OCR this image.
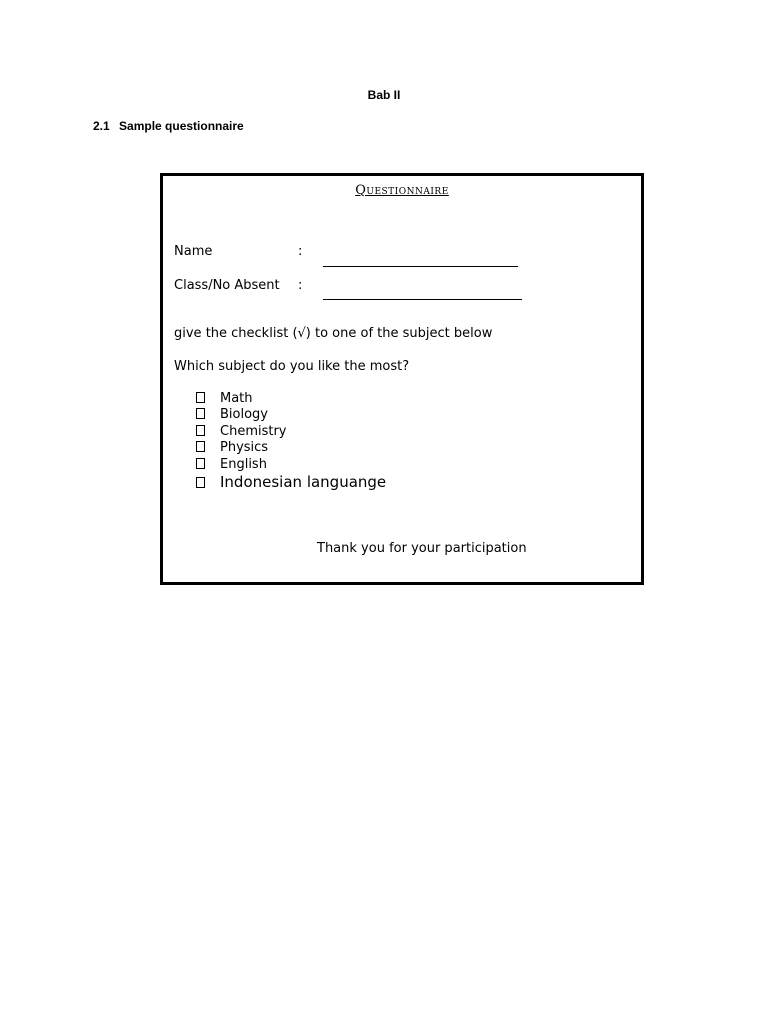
Bab II
2.1 Sample questionnaire
Questionnaire
Name	:
Class/No Absent :
give the checklist (√) to one of the subject below
Which subject do you like the most?
Math
Biology
Chemistry
Physics
English
Indonesian languange
Thank you for your participation
